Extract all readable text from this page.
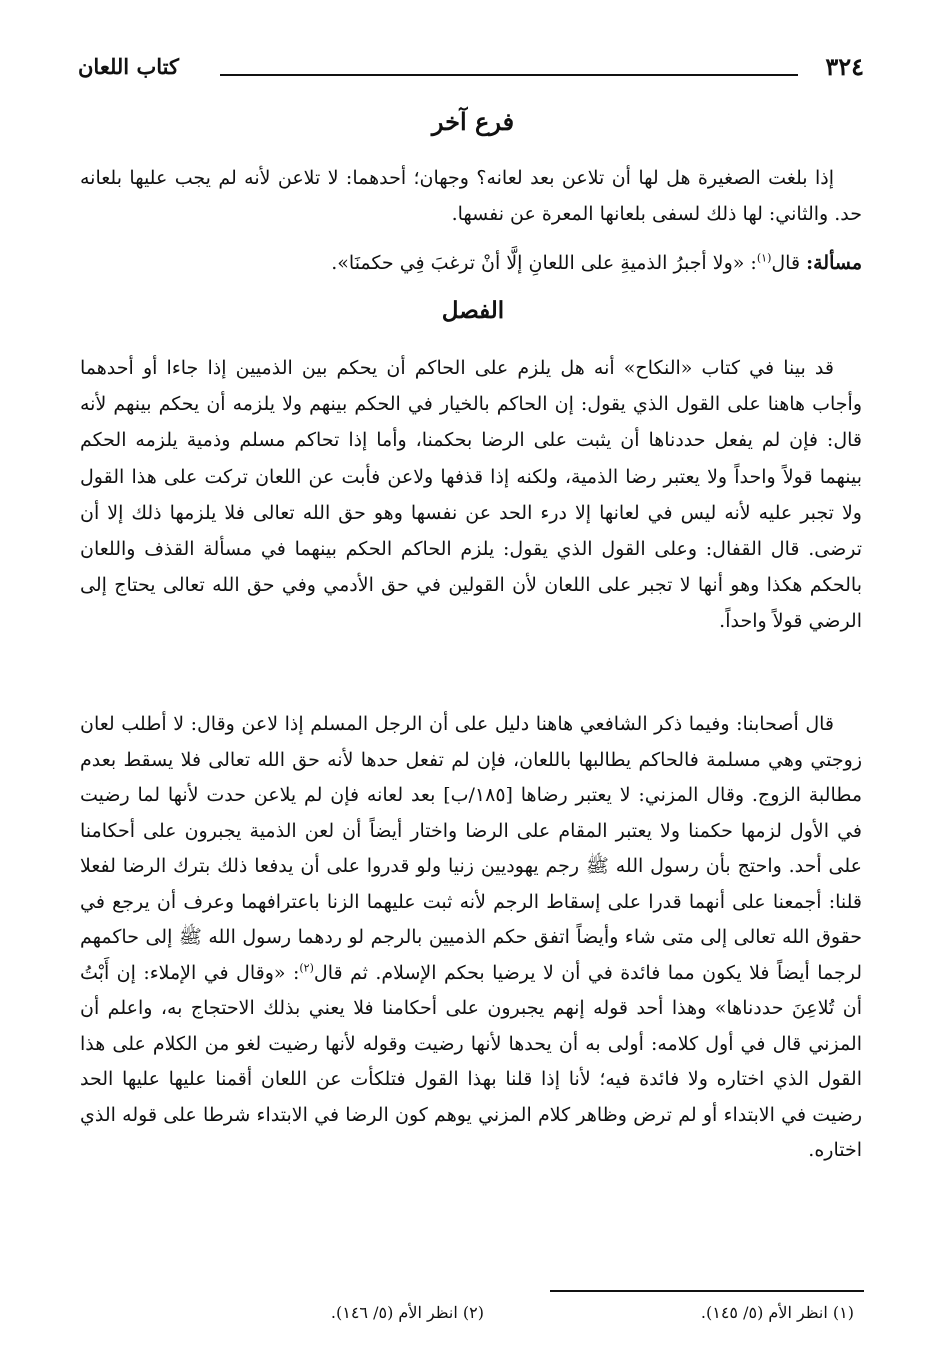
٣٢٤
كتاب اللعان
فرع آخر
إذا بلغت الصغيرة هل لها أن تلاعن بعد لعانه؟ وجهان؛ أحدهما: لا تلاعن لأنه لم يجب عليها بلعانه حد. والثاني: لها ذلك لسفى بلعانها المعرة عن نفسها.
مسألة: قال$^{(١)}$: «ولا أجبرُ الذميةِ على اللعانِ إلَّا أنْ ترغبَ فِي حكمنَا».
الفصل
قد بينا في كتاب «النكاح» أنه هل يلزم على الحاكم أن يحكم بين الذميين إذا جاءا أو أحدهما وأجاب هاهنا على القول الذي يقول: إن الحاكم بالخيار في الحكم بينهم ولا يلزمه أن يحكم بينهم لأنه قال: فإن لم يفعل حددناها أن يثبت على الرضا بحكمنا، وأما إذا تحاكم مسلم وذمية يلزمه الحكم بينهما قولاً واحداً ولا يعتبر رضا الذمية، ولكنه إذا قذفها ولاعن فأبت عن اللعان تركت على هذا القول ولا تجبر عليه لأنه ليس في لعانها إلا درء الحد عن نفسها وهو حق الله تعالى فلا يلزمها ذلك إلا أن ترضى. قال القفال: وعلى القول الذي يقول: يلزم الحاكم الحكم بينهما في مسألة القذف واللعان بالحكم هكذا وهو أنها لا تجبر على اللعان لأن القولين في حق الأدمي وفي حق الله تعالى يحتاج إلى الرضي قولاً واحداً.
قال أصحابنا: وفيما ذكر الشافعي هاهنا دليل على أن الرجل المسلم إذا لاعن وقال: لا أطلب لعان زوجتي وهي مسلمة فالحاكم يطالبها باللعان، فإن لم تفعل حدها لأنه حق الله تعالى فلا يسقط بعدم مطالبة الزوج. وقال المزني: لا يعتبر رضاها [١٨٥/ب] بعد لعانه فإن لم يلاعن حدت لأنها لما رضيت في الأول لزمها حكمنا ولا يعتبر المقام على الرضا واختار أيضاً أن لعن الذمية يجبرون على أحكامنا على أحد. واحتج بأن رسول الله ﷺ رجم يهوديين زنيا ولو قدروا على أن يدفعا ذلك بترك الرضا لفعلا قلنا: أجمعنا على أنهما قدرا على إسقاط الرجم لأنه ثبت عليهما الزنا باعترافهما وعرف أن يرجع في حقوق الله تعالى إلى متى شاء وأيضاً اتفق حكم الذميين بالرجم لو ردهما رسول الله ﷺ إلى حاكمهم لرجما أيضاً فلا يكون مما فائدة في أن لا يرضيا بحكم الإسلام. ثم قال$^{(٢)}$: «وقال في الإملاء: إن أَبْتُ أن تُلاعِنَ حددناها» وهذا أحد قوله إنهم يجبرون على أحكامنا فلا يعني بذلك الاحتجاج به، واعلم أن المزني قال في أول كلامه: أولى به أن يحدها لأنها رضيت وقوله لأنها رضيت لغو من الكلام على هذا القول الذي اختاره ولا فائدة فيه؛ لأنا إذا قلنا بهذا القول فتلكأت عن اللعان أقمنا عليها عليها الحد رضيت في الابتداء أو لم ترض وظاهر كلام المزني يوهم كون الرضا في الابتداء شرطا على قوله الذي اختاره.
(١) انظر الأم (٥/ ١٤٥).
(٢) انظر الأم (٥/ ١٤٦).
